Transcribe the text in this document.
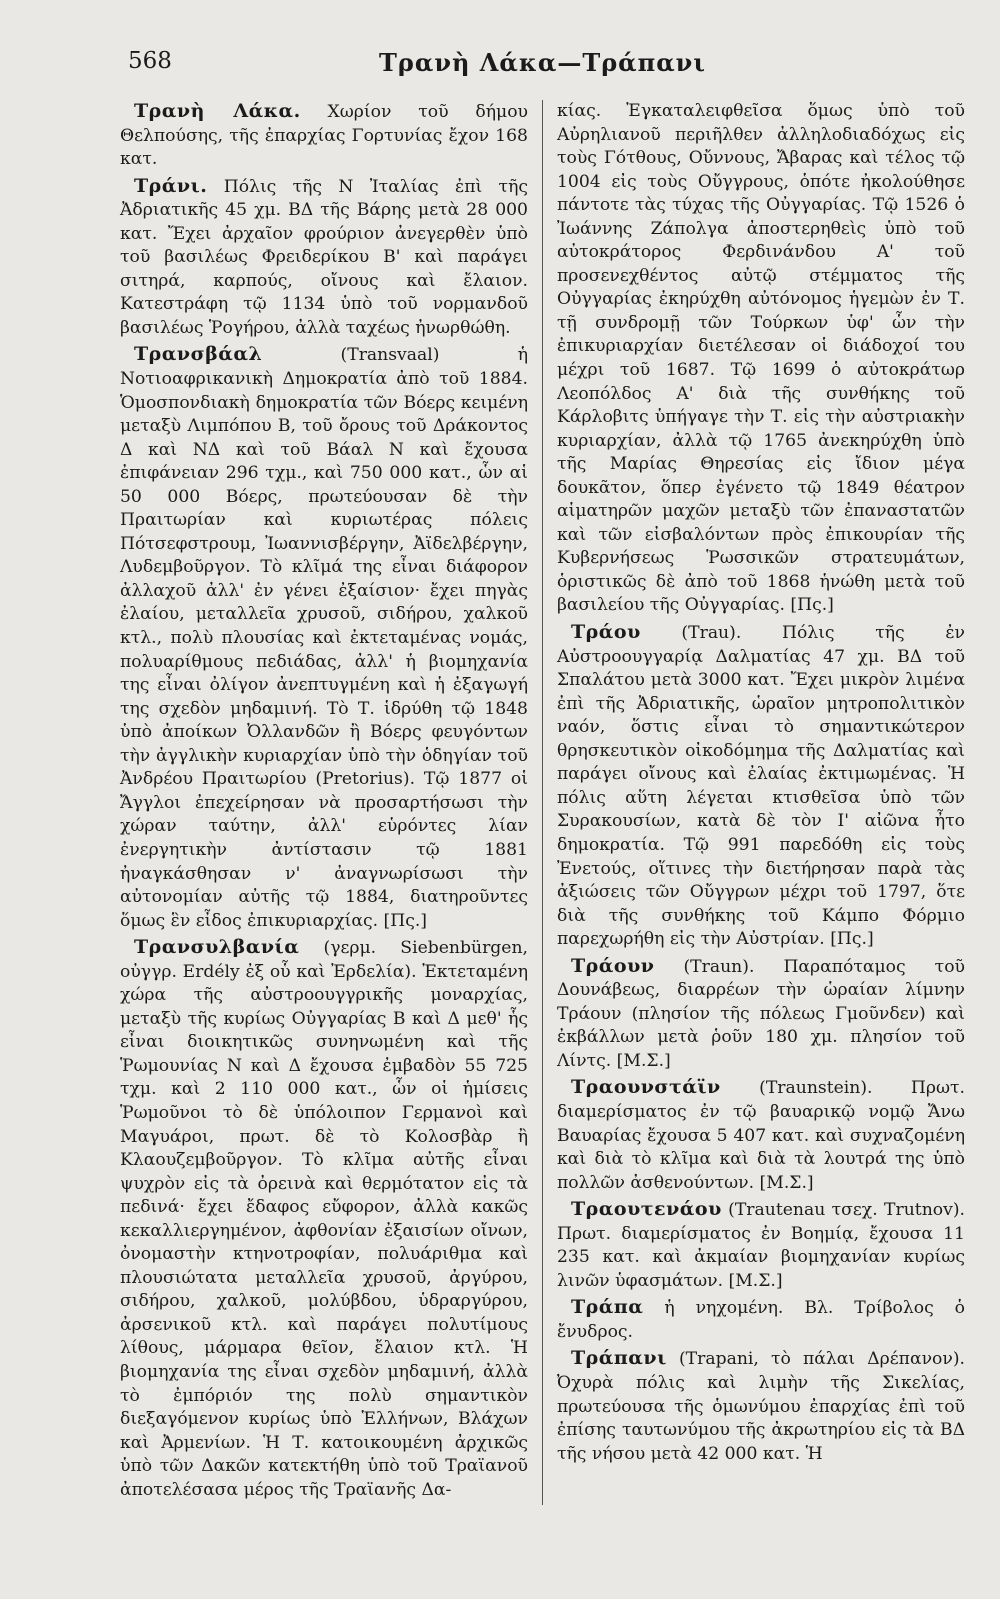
568	Τρανὴ Λάκα—Τράπανι

Τρανὴ Λάκα. Χωρίον τοῦ δήμου Θελπούσης, τῆς ἐπαρχίας Γορτυνίας ἔχον 168 κατ.

Τράνι. Πόλις τῆς Ν Ἰταλίας ἐπὶ τῆς Ἀδριατικῆς 45 χμ. ΒΔ τῆς Βάρης μετὰ 28 000 κατ. Ἔχει ἀρχαῖον φρούριον ἀνεγερθὲν ὑπὸ τοῦ βασιλέως Φρειδερίκου Β' καὶ παράγει σιτηρά, καρπούς, οἴνους καὶ ἔλαιον. Κατεστράφη τῷ 1134 ὑπὸ τοῦ νορμανδοῦ βασιλέως Ῥογήρου, ἀλλὰ ταχέως ἠνωρθώθη.

Τρανσβάαλ (Transvaal) ἡ Νοτιοαφρικανικὴ Δημοκρατία ἀπὸ τοῦ 1884. Ὁμοσπονδιακὴ δημοκρατία τῶν Βόερς κειμένη μεταξὺ Λιμπόπου Β, τοῦ ὄρους τοῦ Δράκοντος Δ καὶ ΝΔ καὶ τοῦ Βάαλ Ν καὶ ἔχουσα ἐπιφάνειαν 296 τχμ., καὶ 750 000 κατ., ὧν αἱ 50 000 Βόερς, πρωτεύουσαν δὲ τὴν Πραιτωρίαν καὶ κυριωτέρας πόλεις Πότσεφστρουμ, Ἰωαννισβέργην, Ἀϊδελβέργην, Λυδεμβοῦργον. Τὸ κλῖμά της εἶναι διάφορον ἀλλαχοῦ ἀλλ' ἐν γένει ἐξαίσιον· ἔχει πηγὰς ἐλαίου, μεταλλεῖα χρυσοῦ, σιδήρου, χαλκοῦ κτλ., πολὺ πλουσίας καὶ ἐκτεταμένας νομάς, πολυαρίθμους πεδιάδας, ἀλλ' ἡ βιομηχανία της εἶναι ὀλίγον ἀνεπτυγμένη καὶ ἡ ἐξαγωγή της σχεδὸν μηδαμινή. Τὸ Τ. ἱδρύθη τῷ 1848 ὑπὸ ἀποίκων Ὀλλανδῶν ἢ Βόερς φευγόντων τὴν ἀγγλικὴν κυριαρχίαν ὑπὸ τὴν ὁδηγίαν τοῦ Ἀνδρέου Πραιτωρίου (Pretorius). Τῷ 1877 οἱ Ἄγγλοι ἐπεχείρησαν νὰ προσαρτήσωσι τὴν χώραν ταύτην, ἀλλ' εὑρόντες λίαν ἐνεργητικὴν ἀντίστασιν τῷ 1881 ἠναγκάσθησαν ν' ἀναγνωρίσωσι τὴν αὐτονομίαν αὐτῆς τῷ 1884, διατηροῦντες ὅμως ἓν εἶδος ἐπικυριαρχίας. [Πς.]

Τρανσυλβανία (γερμ. Siebenbürgen, οὐγγρ. Erdély ἐξ οὗ καὶ Ἐρδελία). Ἐκτεταμένη χώρα τῆς αὐστροουγγρικῆς μοναρχίας, μεταξὺ τῆς κυρίως Οὐγγαρίας Β καὶ Δ μεθ' ἧς εἶναι διοικητικῶς συνηνωμένη καὶ τῆς Ῥωμουνίας Ν καὶ Δ ἔχουσα ἐμβαδὸν 55 725 τχμ. καὶ 2 110 000 κατ., ὧν οἱ ἡμίσεις Ῥωμοῦνοι τὸ δὲ ὑπόλοιπον Γερμανοὶ καὶ Μαγυάροι, πρωτ. δὲ τὸ Κολοσβὰρ ἢ Κλαουζεμβοῦργον. Τὸ κλῖμα αὐτῆς εἶναι ψυχρὸν εἰς τὰ ὀρεινὰ καὶ θερμότατον εἰς τὰ πεδινά· ἔχει ἔδαφος εὔφορον, ἀλλὰ κακῶς κεκαλλιεργημένον, ἀφθονίαν ἐξαισίων οἴνων, ὀνομαστὴν κτηνοτροφίαν, πολυάριθμα καὶ πλουσιώτατα μεταλλεῖα χρυσοῦ, ἀργύρου, σιδήρου, χαλκοῦ, μολύβδου, ὑδραργύρου, ἀρσενικοῦ κτλ. καὶ παράγει πολυτίμους λίθους, μάρμαρα θεῖον, ἔλαιον κτλ. Ἡ βιομηχανία της εἶναι σχεδὸν μηδαμινή, ἀλλὰ τὸ ἐμπόριόν της πολὺ σημαντικὸν διεξαγόμενον κυρίως ὑπὸ Ἑλλήνων, Βλάχων καὶ Ἀρμενίων. Ἡ Τ. κατοικουμένη ἀρχικῶς ὑπὸ τῶν Δακῶν κατεκτήθη ὑπὸ τοῦ Τραϊανοῦ ἀποτελέσασα μέρος τῆς Τραϊανῆς Δα-

κίας. Ἐγκαταλειφθεῖσα ὅμως ὑπὸ τοῦ Αὐρηλιανοῦ περιῆλθεν ἀλληλοδιαδόχως εἰς τοὺς Γότθους, Οὔννους, Ἄβαρας καὶ τέλος τῷ 1004 εἰς τοὺς Οὔγγρους, ὁπότε ἠκολούθησε πάντοτε τὰς τύχας τῆς Οὐγγαρίας. Τῷ 1526 ὁ Ἰωάννης Ζάπολγα ἀποστερηθεὶς ὑπὸ τοῦ αὐτοκράτορος Φερδινάνδου Α' τοῦ προσενεχθέντος αὐτῷ στέμματος τῆς Οὐγγαρίας ἐκηρύχθη αὐτόνομος ἡγεμὼν ἐν Τ. τῇ συνδρομῇ τῶν Τούρκων ὑφ' ὧν τὴν ἐπικυριαρχίαν διετέλεσαν οἱ διάδοχοί του μέχρι τοῦ 1687. Τῷ 1699 ὁ αὐτοκράτωρ Λεοπόλδος Α' διὰ τῆς συνθήκης τοῦ Κάρλοβιτς ὑπήγαγε τὴν Τ. εἰς τὴν αὐστριακὴν κυριαρχίαν, ἀλλὰ τῷ 1765 ἀνεκηρύχθη ὑπὸ τῆς Μαρίας Θηρεσίας εἰς ἴδιον μέγα δουκᾶτον, ὅπερ ἐγένετο τῷ 1849 θέατρον αἱματηρῶν μαχῶν μεταξὺ τῶν ἐπαναστατῶν καὶ τῶν εἰσβαλόντων πρὸς ἐπικουρίαν τῆς Κυβερνήσεως Ῥωσσικῶν στρατευμάτων, ὁριστικῶς δὲ ἀπὸ τοῦ 1868 ἡνώθη μετὰ τοῦ βασιλείου τῆς Οὐγγαρίας. [Πς.]

Τράου (Trau). Πόλις τῆς ἐν Αὐστροουγγαρίᾳ Δαλματίας 47 χμ. ΒΔ τοῦ Σπαλάτου μετὰ 3000 κατ. Ἔχει μικρὸν λιμένα ἐπὶ τῆς Ἀδριατικῆς, ὡραῖον μητροπολιτικὸν ναόν, ὅστις εἶναι τὸ σημαντικώτερον θρησκευτικὸν οἰκοδόμημα τῆς Δαλματίας καὶ παράγει οἴνους καὶ ἐλαίας ἐκτιμωμένας. Ἡ πόλις αὕτη λέγεται κτισθεῖσα ὑπὸ τῶν Συρακουσίων, κατὰ δὲ τὸν Ι' αἰῶνα ἦτο δημοκρατία. Τῷ 991 παρεδόθη εἰς τοὺς Ἐνετούς, οἵτινες τὴν διετήρησαν παρὰ τὰς ἀξιώσεις τῶν Οὔγγρων μέχρι τοῦ 1797, ὅτε διὰ τῆς συνθήκης τοῦ Κάμπο Φόρμιο παρεχωρήθη εἰς τὴν Αὐστρίαν. [Πς.]

Τράουν (Traun). Παραπόταμος τοῦ Δουνάβεως, διαρρέων τὴν ὡραίαν λίμνην Τράουν (πλησίον τῆς πόλεως Γμοῦνδεν) καὶ ἐκβάλλων μετὰ ῥοῦν 180 χμ. πλησίον τοῦ Λίντς. [Μ.Σ.]

Τραουνστάϊν (Traunstein). Πρωτ. διαμερίσματος ἐν τῷ βαυαρικῷ νομῷ Ἄνω Βαυαρίας ἔχουσα 5 407 κατ. καὶ συχναζομένη καὶ διὰ τὸ κλῖμα καὶ διὰ τὰ λουτρά της ὑπὸ πολλῶν ἀσθενούντων. [Μ.Σ.]

Τραουτενάου (Trautenau τσεχ. Trutnov). Πρωτ. διαμερίσματος ἐν Βοημίᾳ, ἔχουσα 11 235 κατ. καὶ ἀκμαίαν βιομηχανίαν κυρίως λινῶν ὑφασμάτων. [Μ.Σ.]

Τράπα ἡ νηχομένη. Βλ. Τρίβολος ὁ ἔνυδρος.

Τράπανι (Trapani, τὸ πάλαι Δρέπανον). Ὀχυρὰ πόλις καὶ λιμὴν τῆς Σικελίας, πρωτεύουσα τῆς ὁμωνύμου ἐπαρχίας ἐπὶ τοῦ ἐπίσης ταυτωνύμου τῆς ἀκρωτηρίου εἰς τὰ ΒΔ τῆς νήσου μετὰ 42 000 κατ. Ἡ
